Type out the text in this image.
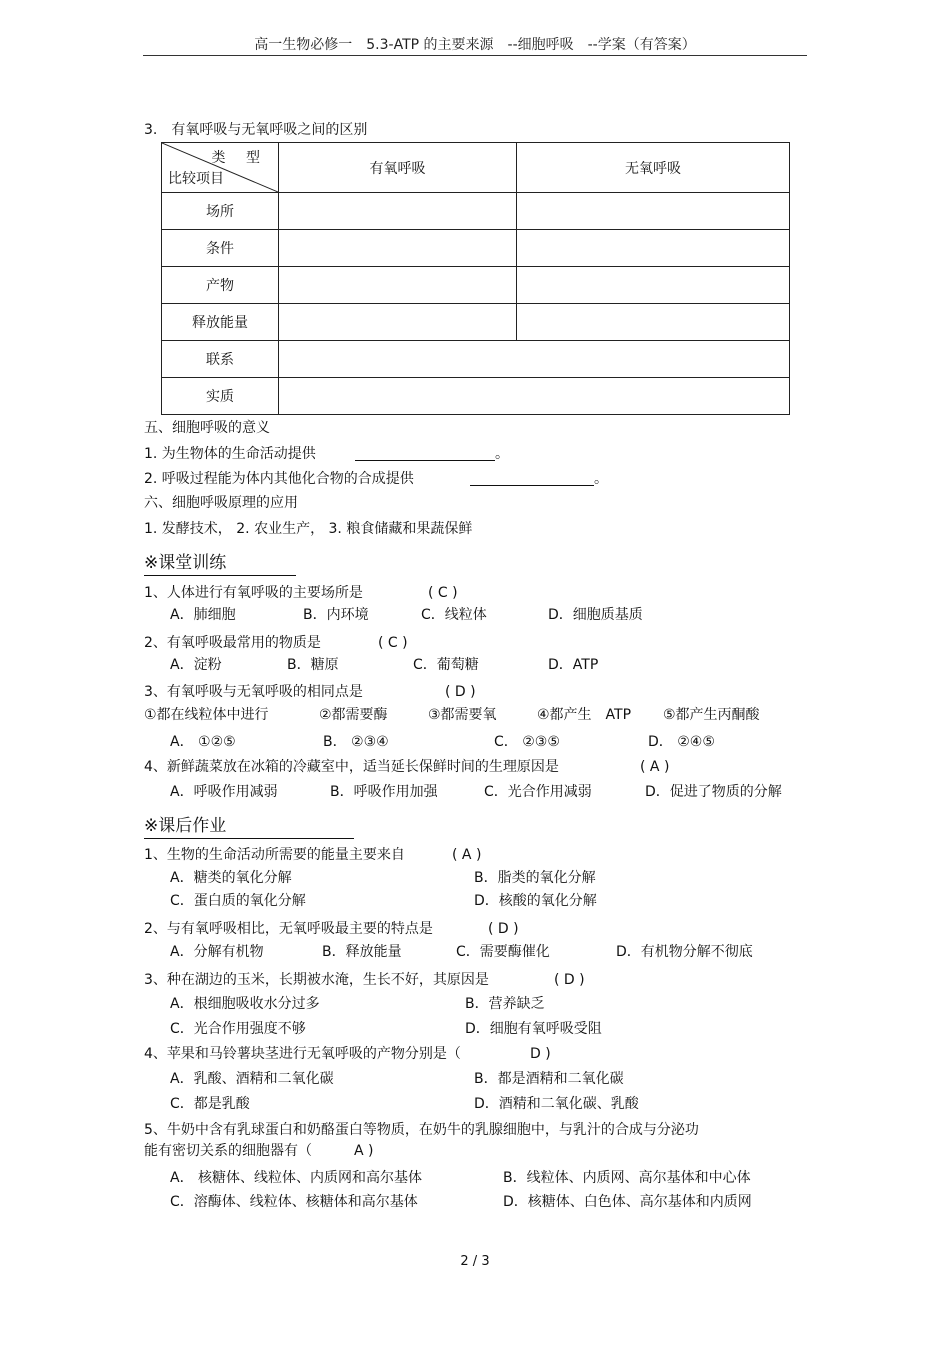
高一生物必修一　5.3-ATP 的主要来源　--细胞呼吸　--学案（有答案）
3.　有氧呼吸与无氧呼吸之间的区别
类 型
比较项目	有氧呼吸	无氧呼吸
场所		
条件		
产物		
释放能量		
联系		
实质		
五、细胞呼吸的意义
1. 为生物体的生命活动提供	。
2. 呼吸过程能为体内其他化合物的合成提供	。
六、细胞呼吸原理的应用
1. 发酵技术， 2. 农业生产， 3. 粮食储藏和果蔬保鲜
※课堂训练
1、人体进行有氧呼吸的主要场所是	( C )
A．肺细胞	B．内环境	C．线粒体	D．细胞质基质
2、有氧呼吸最常用的物质是	( C )
A．淀粉	B．糖原	C．葡萄糖	D．ATP
3、有氧呼吸与无氧呼吸的相同点是	( D )
①都在线粒体中进行	②都需要酶	③都需要氧	④都产生　ATP ⑤都产生丙酮酸
A． ①②⑤	B． ②③④	C． ②③⑤	D． ②④⑤
4、新鲜蔬菜放在冰箱的冷藏室中，适当延长保鲜时间的生理原因是	( A )
A．呼吸作用减弱	B．呼吸作用加强	C．光合作用减弱	D．促进了物质的分解
※课后作业
1、生物的生命活动所需要的能量主要来自	( A )
A．糖类的氧化分解	B．脂类的氧化分解
C．蛋白质的氧化分解	D．核酸的氧化分解
2、与有氧呼吸相比，无氧呼吸最主要的特点是	( D )
A．分解有机物	B．释放能量	C．需要酶催化	D．有机物分解不彻底
3、种在湖边的玉米，长期被水淹，生长不好，其原因是	( D )
A．根细胞吸收水分过多	B．营养缺乏
C．光合作用强度不够	D．细胞有氧呼吸受阻
4、苹果和马铃薯块茎进行无氧呼吸的产物分别是（	D )
A．乳酸、酒精和二氧化碳	B．都是酒精和二氧化碳
C．都是乳酸	D．酒精和二氧化碳、乳酸
5、牛奶中含有乳球蛋白和奶酪蛋白等物质，在奶牛的乳腺细胞中，与乳汁的合成与分泌功
能有密切关系的细胞器有（	A )
A． 核糖体、线粒体、内质网和高尔基体	B．线粒体、内质网、高尔基体和中心体
C．溶酶体、线粒体、核糖体和高尔基体	D．核糖体、白色体、高尔基体和内质网
2 / 3
